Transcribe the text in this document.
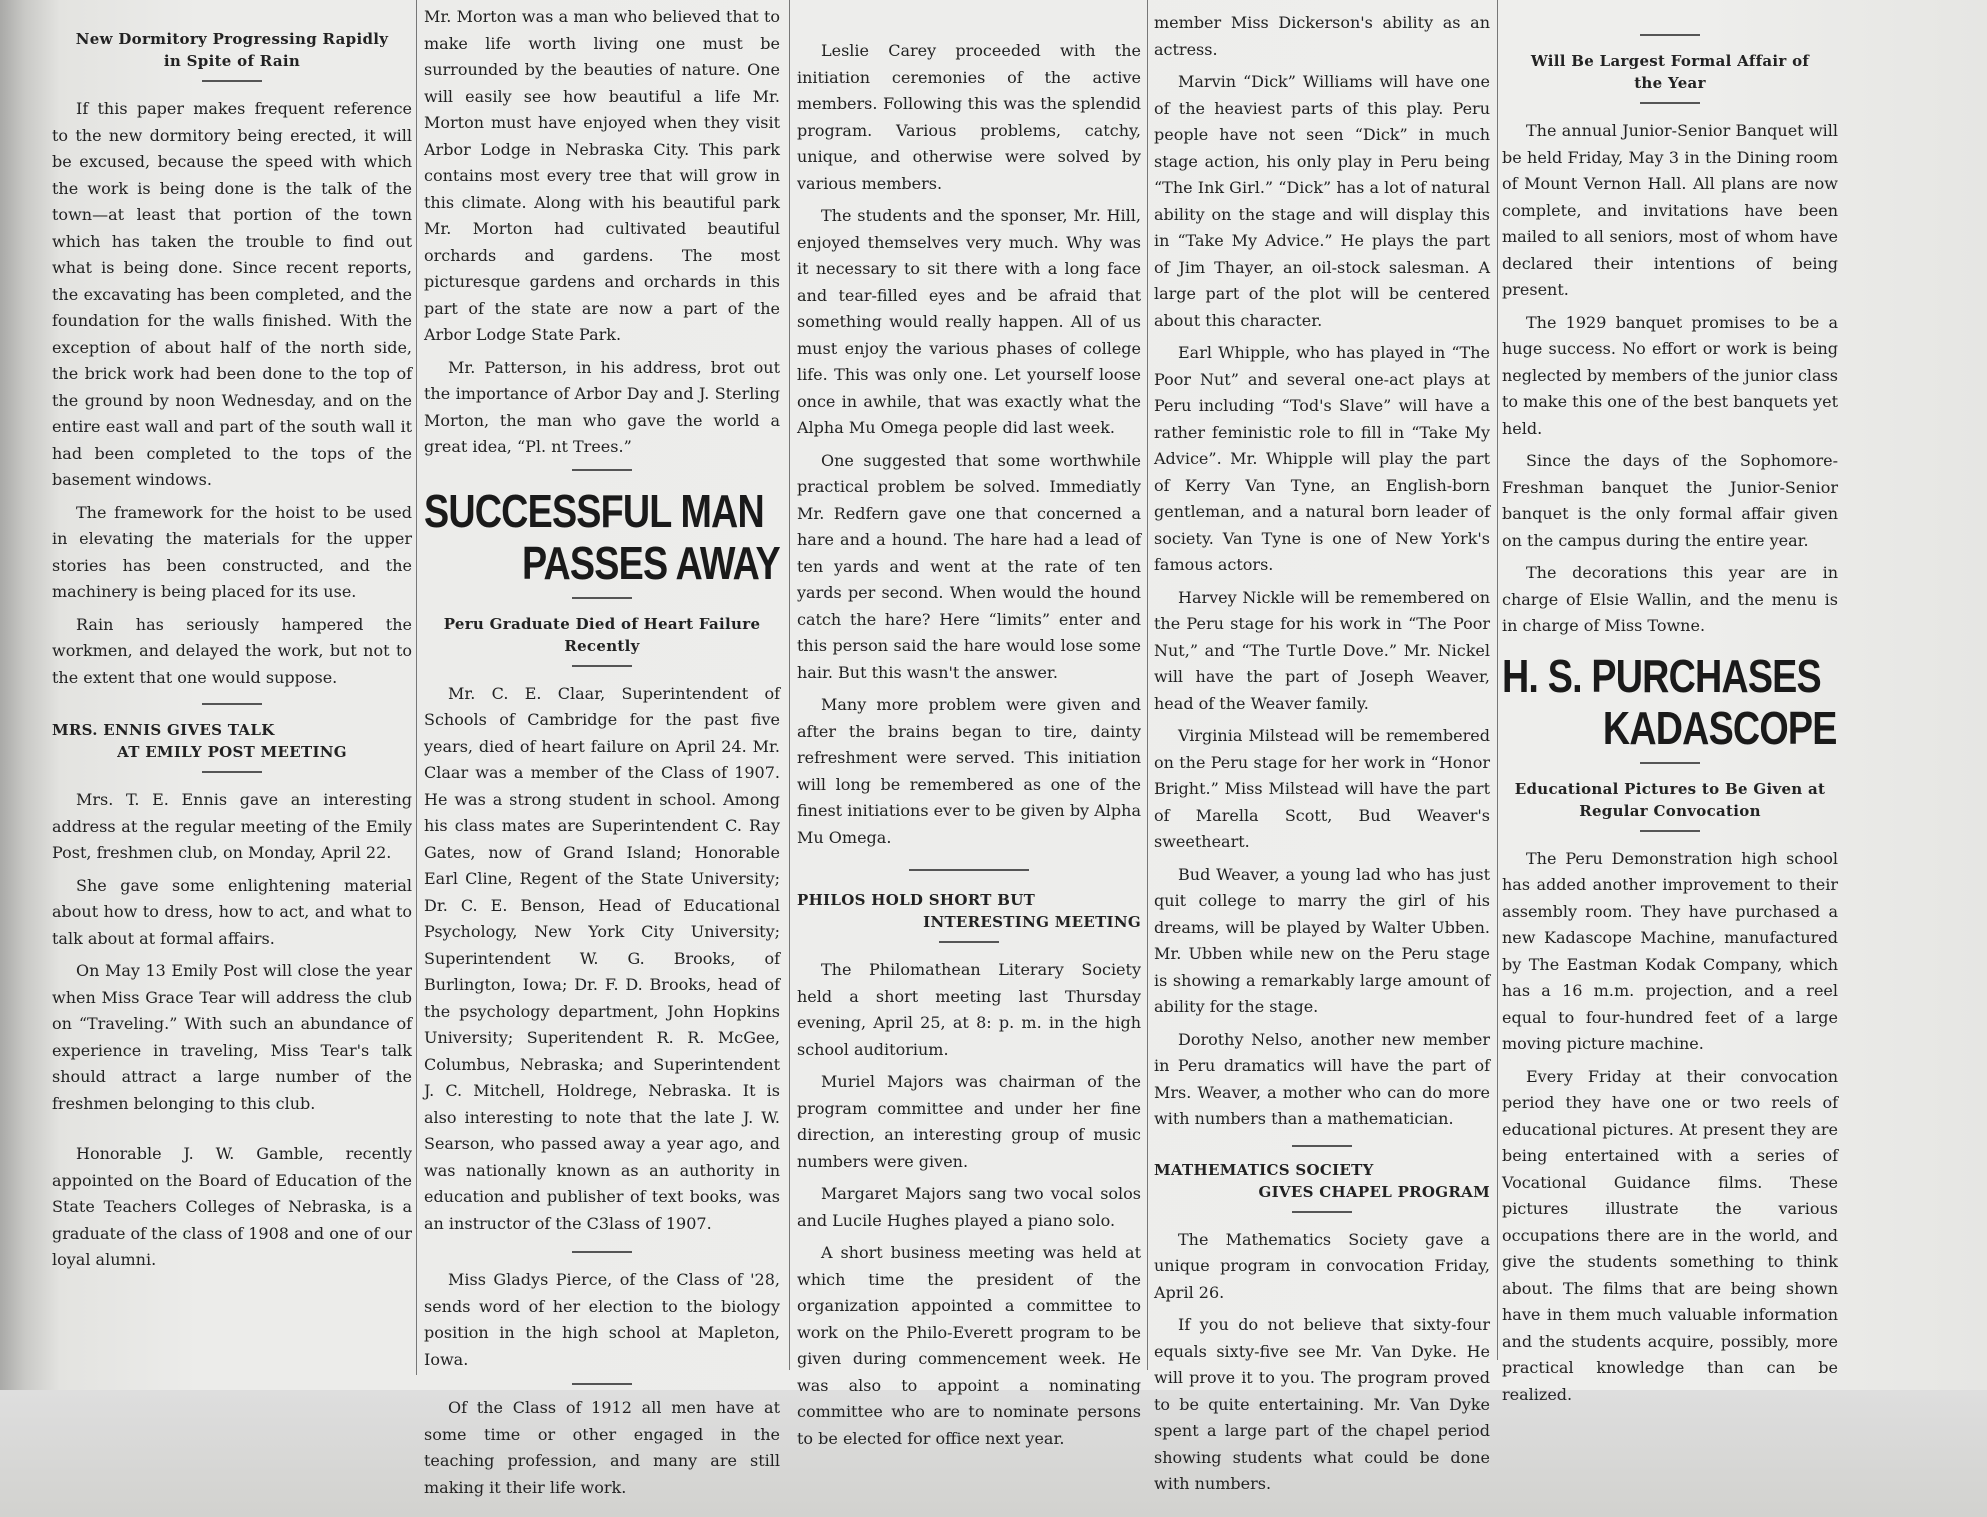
New Dormitory Progressing Rapidly
in Spite of Rain

If this paper makes frequent reference to the new dormitory being erected, it will be excused, because the speed with which the work is being done is the talk of the town—at least that portion of the town which has taken the trouble to find out what is being done. Since recent reports, the excavating has been completed, and the foundation for the walls finished. With the exception of about half of the north side, the brick work had been done to the top of the ground by noon Wednesday, and on the entire east wall and part of the south wall it had been completed to the tops of the basement windows.

The framework for the hoist to be used in elevating the materials for the upper stories has been constructed, and the machinery is being placed for its use.

Rain has seriously hampered the workmen, and delayed the work, but not to the extent that one would suppose.

MRS. ENNIS GIVES TALK
AT EMILY POST MEETING

Mrs. T. E. Ennis gave an interesting address at the regular meeting of the Emily Post, freshmen club, on Monday, April 22.

She gave some enlightening material about how to dress, how to act, and what to talk about at formal affairs.

On May 13 Emily Post will close the year when Miss Grace Tear will address the club on “Traveling.” With such an abundance of experience in traveling, Miss Tear's talk should attract a large number of the freshmen belonging to this club.

Honorable J. W. Gamble, recently appointed on the Board of Education of the State Teachers Colleges of Nebraska, is a graduate of the class of 1908 and one of our loyal alumni.

Mr. Morton was a man who believed that to make life worth living one must be surrounded by the beauties of nature. One will easily see how beautiful a life Mr. Morton must have enjoyed when they visit Arbor Lodge in Nebraska City. This park contains most every tree that will grow in this climate. Along with his beautiful park Mr. Morton had cultivated beautiful orchards and gardens. The most picturesque gardens and orchards in this part of the state are now a part of the Arbor Lodge State Park.

Mr. Patterson, in his address, brot out the importance of Arbor Day and J. Sterling Morton, the man who gave the world a great idea, “Pl. nt Trees.”

SUCCESSFUL MAN
PASSES AWAY
Peru Graduate Died of Heart Failure
Recently

Mr. C. E. Claar, Superintendent of Schools of Cambridge for the past five years, died of heart failure on April 24. Mr. Claar was a member of the Class of 1907. He was a strong student in school. Among his class mates are Superintendent C. Ray Gates, now of Grand Island; Honorable Earl Cline, Regent of the State University; Dr. C. E. Benson, Head of Educational Psychology, New York City University; Superintendent W. G. Brooks, of Burlington, Iowa; Dr. F. D. Brooks, head of the psychology department, John Hopkins University; Superitendent R. R. McGee, Columbus, Nebraska; and Superintendent J. C. Mitchell, Holdrege, Nebraska. It is also interesting to note that the late J. W. Searson, who passed away a year ago, and was nationally known as an authority in education and publisher of text books, was an instructor of the C3lass of 1907.

Miss Gladys Pierce, of the Class of '28, sends word of her election to the biology position in the high school at Mapleton, Iowa.

Of the Class of 1912 all men have at some time or other engaged in the teaching profession, and many are still making it their life work.

Leslie Carey proceeded with the initiation ceremonies of the active members. Following this was the splendid program. Various problems, catchy, unique, and otherwise were solved by various members.

The students and the sponser, Mr. Hill, enjoyed themselves very much. Why was it necessary to sit there with a long face and tear-filled eyes and be afraid that something would really happen. All of us must enjoy the various phases of college life. This was only one. Let yourself loose once in awhile, that was exactly what the Alpha Mu Omega people did last week.

One suggested that some worthwhile practical problem be solved. Immediatly Mr. Redfern gave one that concerned a hare and a hound. The hare had a lead of ten yards and went at the rate of ten yards per second. When would the hound catch the hare? Here “limits” enter and this person said the hare would lose some hair. But this wasn't the answer.

Many more problem were given and after the brains began to tire, dainty refreshment were served. This initiation will long be remembered as one of the finest initiations ever to be given by Alpha Mu Omega.

PHILOS HOLD SHORT BUT
INTERESTING MEETING

The Philomathean Literary Society held a short meeting last Thursday evening, April 25, at 8: p. m. in the high school auditorium.

Muriel Majors was chairman of the program committee and under her fine direction, an interesting group of music numbers were given.

Margaret Majors sang two vocal solos and Lucile Hughes played a piano solo.

A short business meeting was held at which time the president of the organization appointed a committee to work on the Philo-Everett program to be given during commencement week. He was also to appoint a nominating committee who are to nominate persons to be elected for office next year.

member Miss Dickerson's ability as an actress.

Marvin “Dick” Williams will have one of the heaviest parts of this play. Peru people have not seen “Dick” in much stage action, his only play in Peru being “The Ink Girl.” “Dick” has a lot of natural ability on the stage and will display this in “Take My Advice.” He plays the part of Jim Thayer, an oil-stock salesman. A large part of the plot will be centered about this character.

Earl Whipple, who has played in “The Poor Nut” and several one-act plays at Peru including “Tod's Slave” will have a rather feministic role to fill in “Take My Advice”. Mr. Whipple will play the part of Kerry Van Tyne, an English-born gentleman, and a natural born leader of society. Van Tyne is one of New York's famous actors.

Harvey Nickle will be remembered on the Peru stage for his work in “The Poor Nut,” and “The Turtle Dove.” Mr. Nickel will have the part of Joseph Weaver, head of the Weaver family.

Virginia Milstead will be remembered on the Peru stage for her work in “Honor Bright.” Miss Milstead will have the part of Marella Scott, Bud Weaver's sweetheart.

Bud Weaver, a young lad who has just quit college to marry the girl of his dreams, will be played by Walter Ubben. Mr. Ubben while new on the Peru stage is showing a remarkably large amount of ability for the stage.

Dorothy Nelso, another new member in Peru dramatics will have the part of Mrs. Weaver, a mother who can do more with numbers than a mathematician.

MATHEMATICS SOCIETY
GIVES CHAPEL PROGRAM

The Mathematics Society gave a unique program in convocation Friday, April 26.

If you do not believe that sixty-four equals sixty-five see Mr. Van Dyke. He will prove it to you. The program proved to be quite entertaining. Mr. Van Dyke spent a large part of the chapel period showing students what could be done with numbers.

Will Be Largest Formal Affair of
the Year

The annual Junior-Senior Banquet will be held Friday, May 3 in the Dining room of Mount Vernon Hall. All plans are now complete, and invitations have been mailed to all seniors, most of whom have declared their intentions of being present.

The 1929 banquet promises to be a huge success. No effort or work is being neglected by members of the junior class to make this one of the best banquets yet held.

Since the days of the Sophomore-Freshman banquet the Junior-Senior banquet is the only formal affair given on the campus during the entire year.

The decorations this year are in charge of Elsie Wallin, and the menu is in charge of Miss Towne.

H. S. PURCHASES
KADASCOPE
Educational Pictures to Be Given at
Regular Convocation

The Peru Demonstration high school has added another improvement to their assembly room. They have purchased a new Kadascope Machine, manufactured by The Eastman Kodak Company, which has a 16 m.m. projection, and a reel equal to four-hundred feet of a large moving picture machine.

Every Friday at their convocation period they have one or two reels of educational pictures. At present they are being entertained with a series of Vocational Guidance films. These pictures illustrate the various occupations there are in the world, and give the students something to think about. The films that are being shown have in them much valuable information and the students acquire, possibly, more practical knowledge than can be realized.
